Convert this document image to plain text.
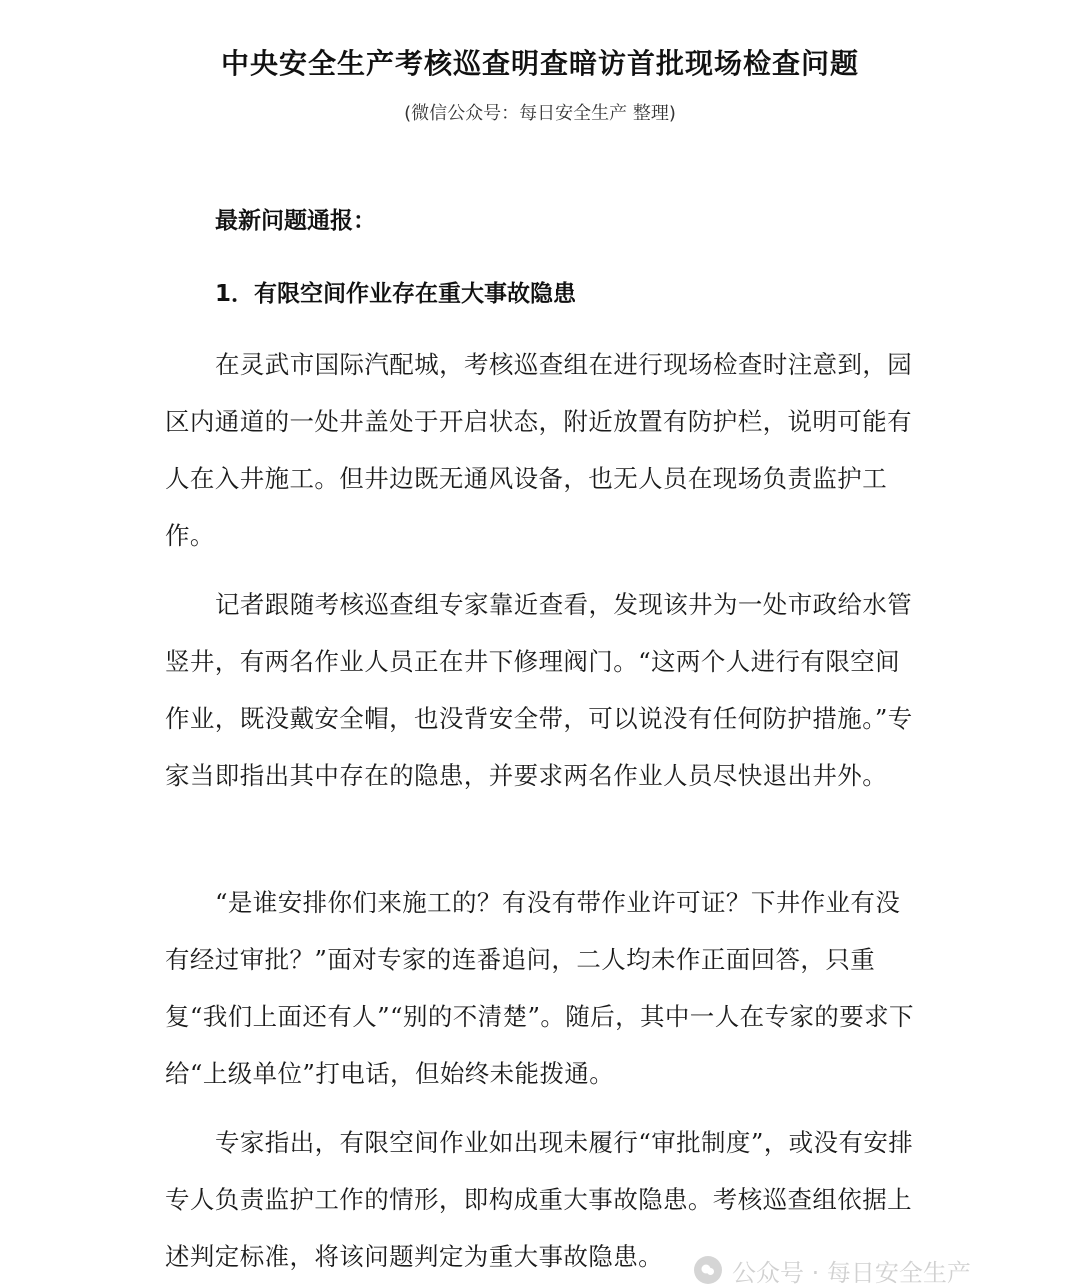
中央安全生产考核巡查明查暗访首批现场检查问题
(微信公众号：每日安全生产 整理)
最新问题通报：
1．有限空间作业存在重大事故隐患

在灵武市国际汽配城，考核巡查组在进行现场检查时注意到，园区内通道的一处井盖处于开启状态，附近放置有防护栏，说明可能有人在入井施工。但井边既无通风设备，也无人员在现场负责监护工作。

记者跟随考核巡查组专家靠近查看，发现该井为一处市政给水管竖井，有两名作业人员正在井下修理阀门。“这两个人进行有限空间作业，既没戴安全帽，也没背安全带，可以说没有任何防护措施。”专家当即指出其中存在的隐患，并要求两名作业人员尽快退出井外。

“是谁安排你们来施工的？有没有带作业许可证？下井作业有没有经过审批？”面对专家的连番追问，二人均未作正面回答，只重复“我们上面还有人”“别的不清楚”。随后，其中一人在专家的要求下给“上级单位”打电话，但始终未能拨通。

专家指出，有限空间作业如出现未履行“审批制度”，或没有安排专人负责监护工作的情形，即构成重大事故隐患。考核巡查组依据上述判定标准，将该问题判定为重大事故隐患。

公众号 · 每日安全生产
